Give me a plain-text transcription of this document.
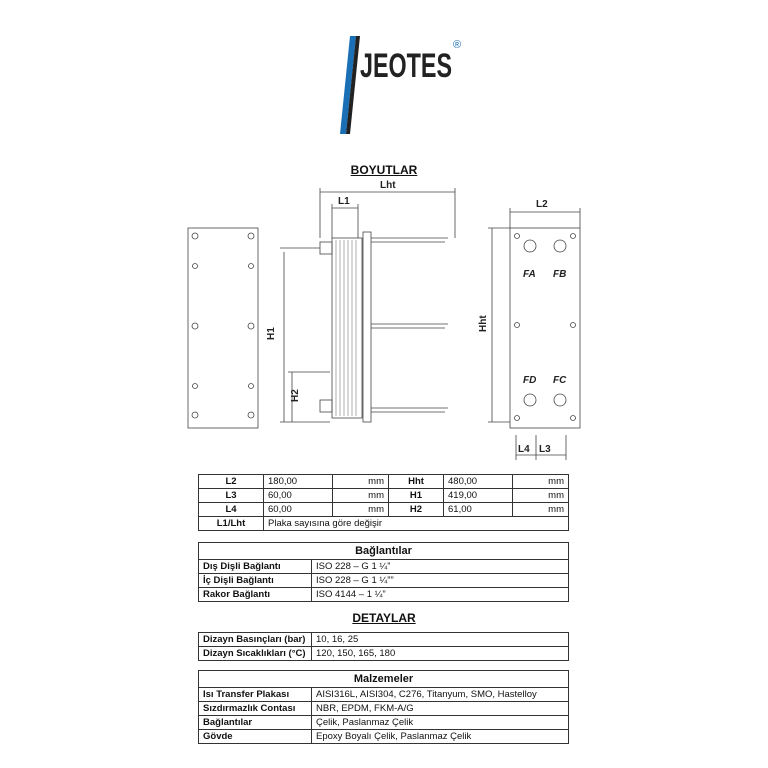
JEOTES
®
BOYUTLAR
Lht
L1	L2
H1
H2
Hht
L3
L4
FA FB
FD FC
L2	180,00	mm	Hht	480,00	mm
L3	60,00	mm	H1	419,00	mm
L4	60,00	mm	H2	61,00	mm
L1/Lht	Plaka sayısına göre değişir				
Bağlantılar	
Dış Dişli Bağlantı	ISO 228 – G 1 ¼”
İç Dişli Bağlantı	ISO 228 – G 1 ¼””
Rakor Bağlantı	ISO 4144 – 1 ¼”
DETAYLAR
Dizayn Basınçları (bar)	10, 16, 25
Dizayn Sıcaklıkları (°C)	120, 150, 165, 180
Malzemeler	
Isı Transfer Plakası	AISI316L, AISI304, C276, Titanyum, SMO, Hastelloy
Sızdırmazlık Contası	NBR, EPDM, FKM-A/G
Bağlantılar	Çelik, Paslanmaz Çelik
Gövde	Epoxy Boyalı Çelik, Paslanmaz Çelik
